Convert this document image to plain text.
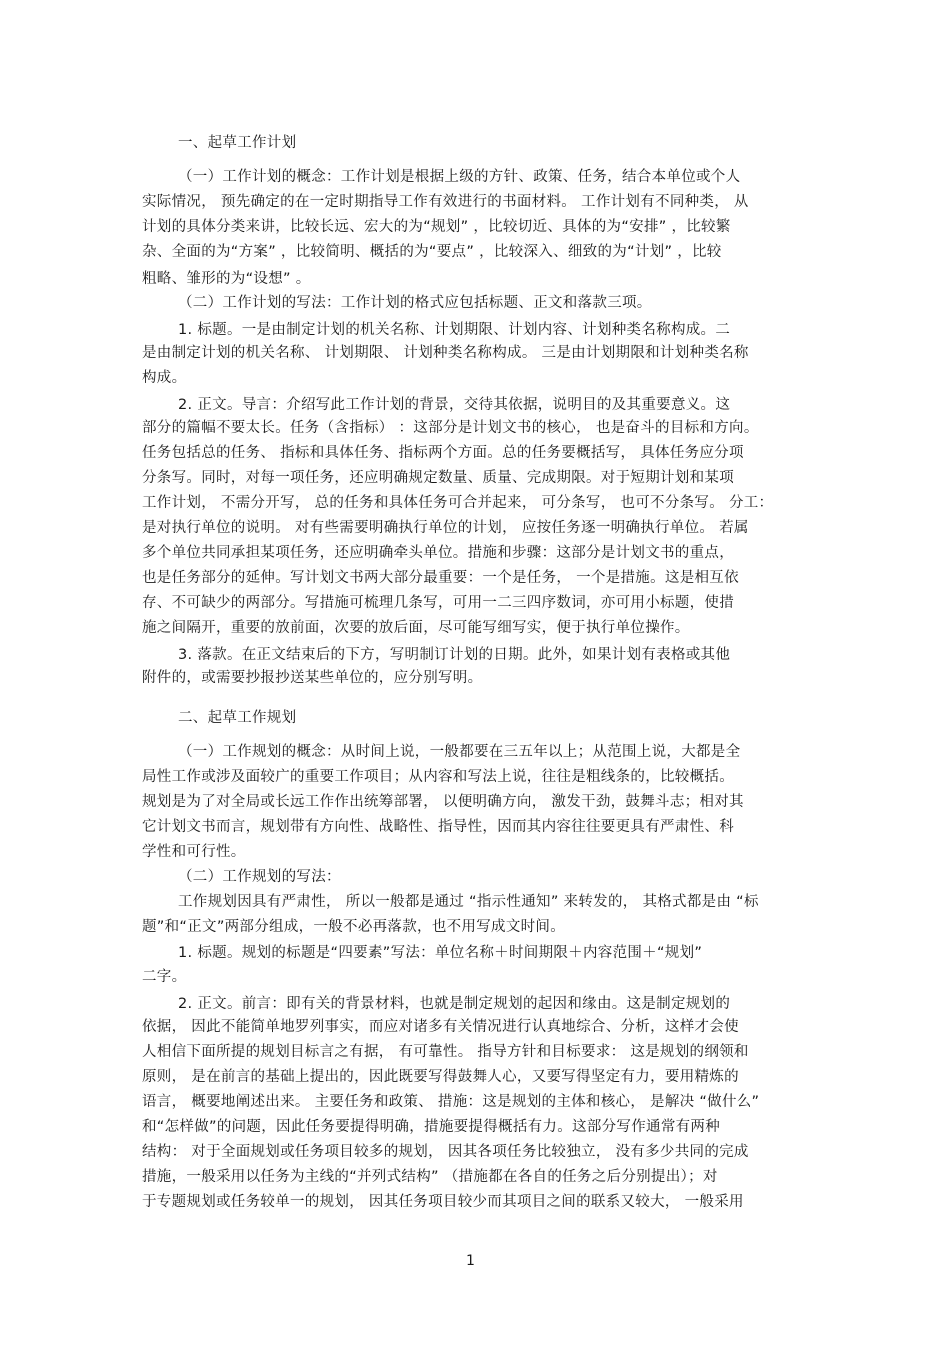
一、起草工作计划
（一）工作计划的概念：工作计划是根据上级的方针、政策、任务，结合本单位或个人
实际情况， 预先确定的在一定时期指导工作有效进行的书面材料。 工作计划有不同种类， 从
计划的具体分类来讲，比较长远、宏大的为“规划” ，比较切近、具体的为“安排” ，比较繁
杂、全面的为“方案” ，比较简明、概括的为“要点” ，比较深入、细致的为“计划” ，比较
粗略、雏形的为“设想” 。
（二）工作计划的写法：工作计划的格式应包括标题、正文和落款三项。
1. 标题。一是由制定计划的机关名称、计划期限、计划内容、计划种类名称构成。二
是由制定计划的机关名称、 计划期限、 计划种类名称构成。 三是由计划期限和计划种类名称
构成。
2. 正文。导言：介绍写此工作计划的背景，交待其依据，说明目的及其重要意义。这
部分的篇幅不要太长。任务（含指标） ：这部分是计划文书的核心， 也是奋斗的目标和方向。
任务包括总的任务、 指标和具体任务、指标两个方面。总的任务要概括写， 具体任务应分项
分条写。同时，对每一项任务，还应明确规定数量、质量、完成期限。对于短期计划和某项
工作计划， 不需分开写， 总的任务和具体任务可合并起来， 可分条写， 也可不分条写。 分工：
是对执行单位的说明。 对有些需要明确执行单位的计划， 应按任务逐一明确执行单位。 若属
多个单位共同承担某项任务，还应明确牵头单位。措施和步骤：这部分是计划文书的重点，
也是任务部分的延伸。写计划文书两大部分最重要：一个是任务， 一个是措施。这是相互依
存、不可缺少的两部分。写措施可梳理几条写，可用一二三四序数词，亦可用小标题，使措
施之间隔开，重要的放前面，次要的放后面，尽可能写细写实，便于执行单位操作。
3. 落款。在正文结束后的下方，写明制订计划的日期。此外，如果计划有表格或其他
附件的，或需要抄报抄送某些单位的，应分别写明。
二、起草工作规划
（一）工作规划的概念：从时间上说，一般都要在三五年以上；从范围上说，大都是全
局性工作或涉及面较广的重要工作项目；从内容和写法上说，往往是粗线条的，比较概括。
规划是为了对全局或长远工作作出统筹部署， 以便明确方向， 激发干劲，鼓舞斗志；相对其
它计划文书而言，规划带有方向性、战略性、指导性，因而其内容往往要更具有严肃性、科
学性和可行性。
（二）工作规划的写法：
工作规划因具有严肃性， 所以一般都是通过 “指示性通知” 来转发的， 其格式都是由 “标
题”和“正文”两部分组成，一般不必再落款，也不用写成文时间。
1. 标题。规划的标题是“四要素”写法：单位名称＋时间期限＋内容范围＋“规划”
二字。
2. 正文。前言：即有关的背景材料，也就是制定规划的起因和缘由。这是制定规划的
依据， 因此不能简单地罗列事实，而应对诸多有关情况进行认真地综合、分析，这样才会使
人相信下面所提的规划目标言之有据， 有可靠性。 指导方针和目标要求： 这是规划的纲领和
原则， 是在前言的基础上提出的，因此既要写得鼓舞人心，又要写得坚定有力，要用精炼的
语言， 概要地阐述出来。 主要任务和政策、 措施：这是规划的主体和核心， 是解决 “做什么”
和“怎样做”的问题，因此任务要提得明确，措施要提得概括有力。这部分写作通常有两种
结构： 对于全面规划或任务项目较多的规划， 因其各项任务比较独立， 没有多少共同的完成
措施，一般采用以任务为主线的“并列式结构” （措施都在各自的任务之后分别提出）；对
于专题规划或任务较单一的规划， 因其任务项目较少而其项目之间的联系又较大， 一般采用
1
